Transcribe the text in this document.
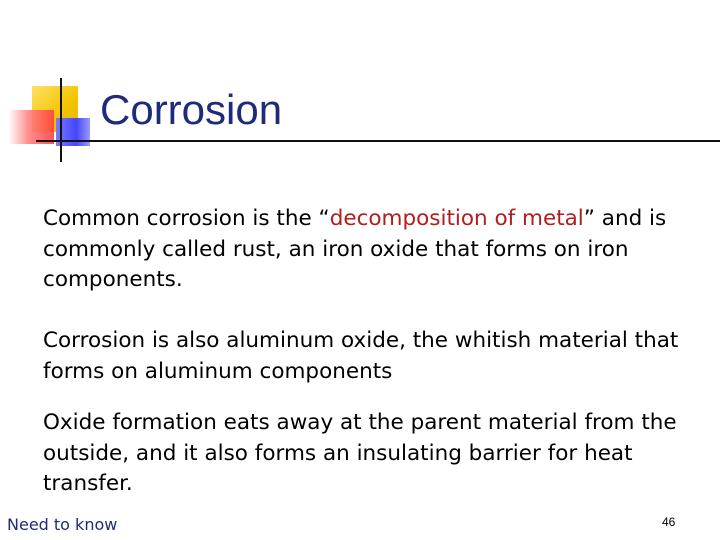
Corrosion

Common corrosion is the “decomposition of metal” and is commonly called rust, an iron oxide that forms on iron components.

Corrosion is also aluminum oxide, the whitish material that forms on aluminum components

Oxide formation eats away at the parent material from the outside, and it also forms an insulating barrier for heat transfer.

Need to know	46
